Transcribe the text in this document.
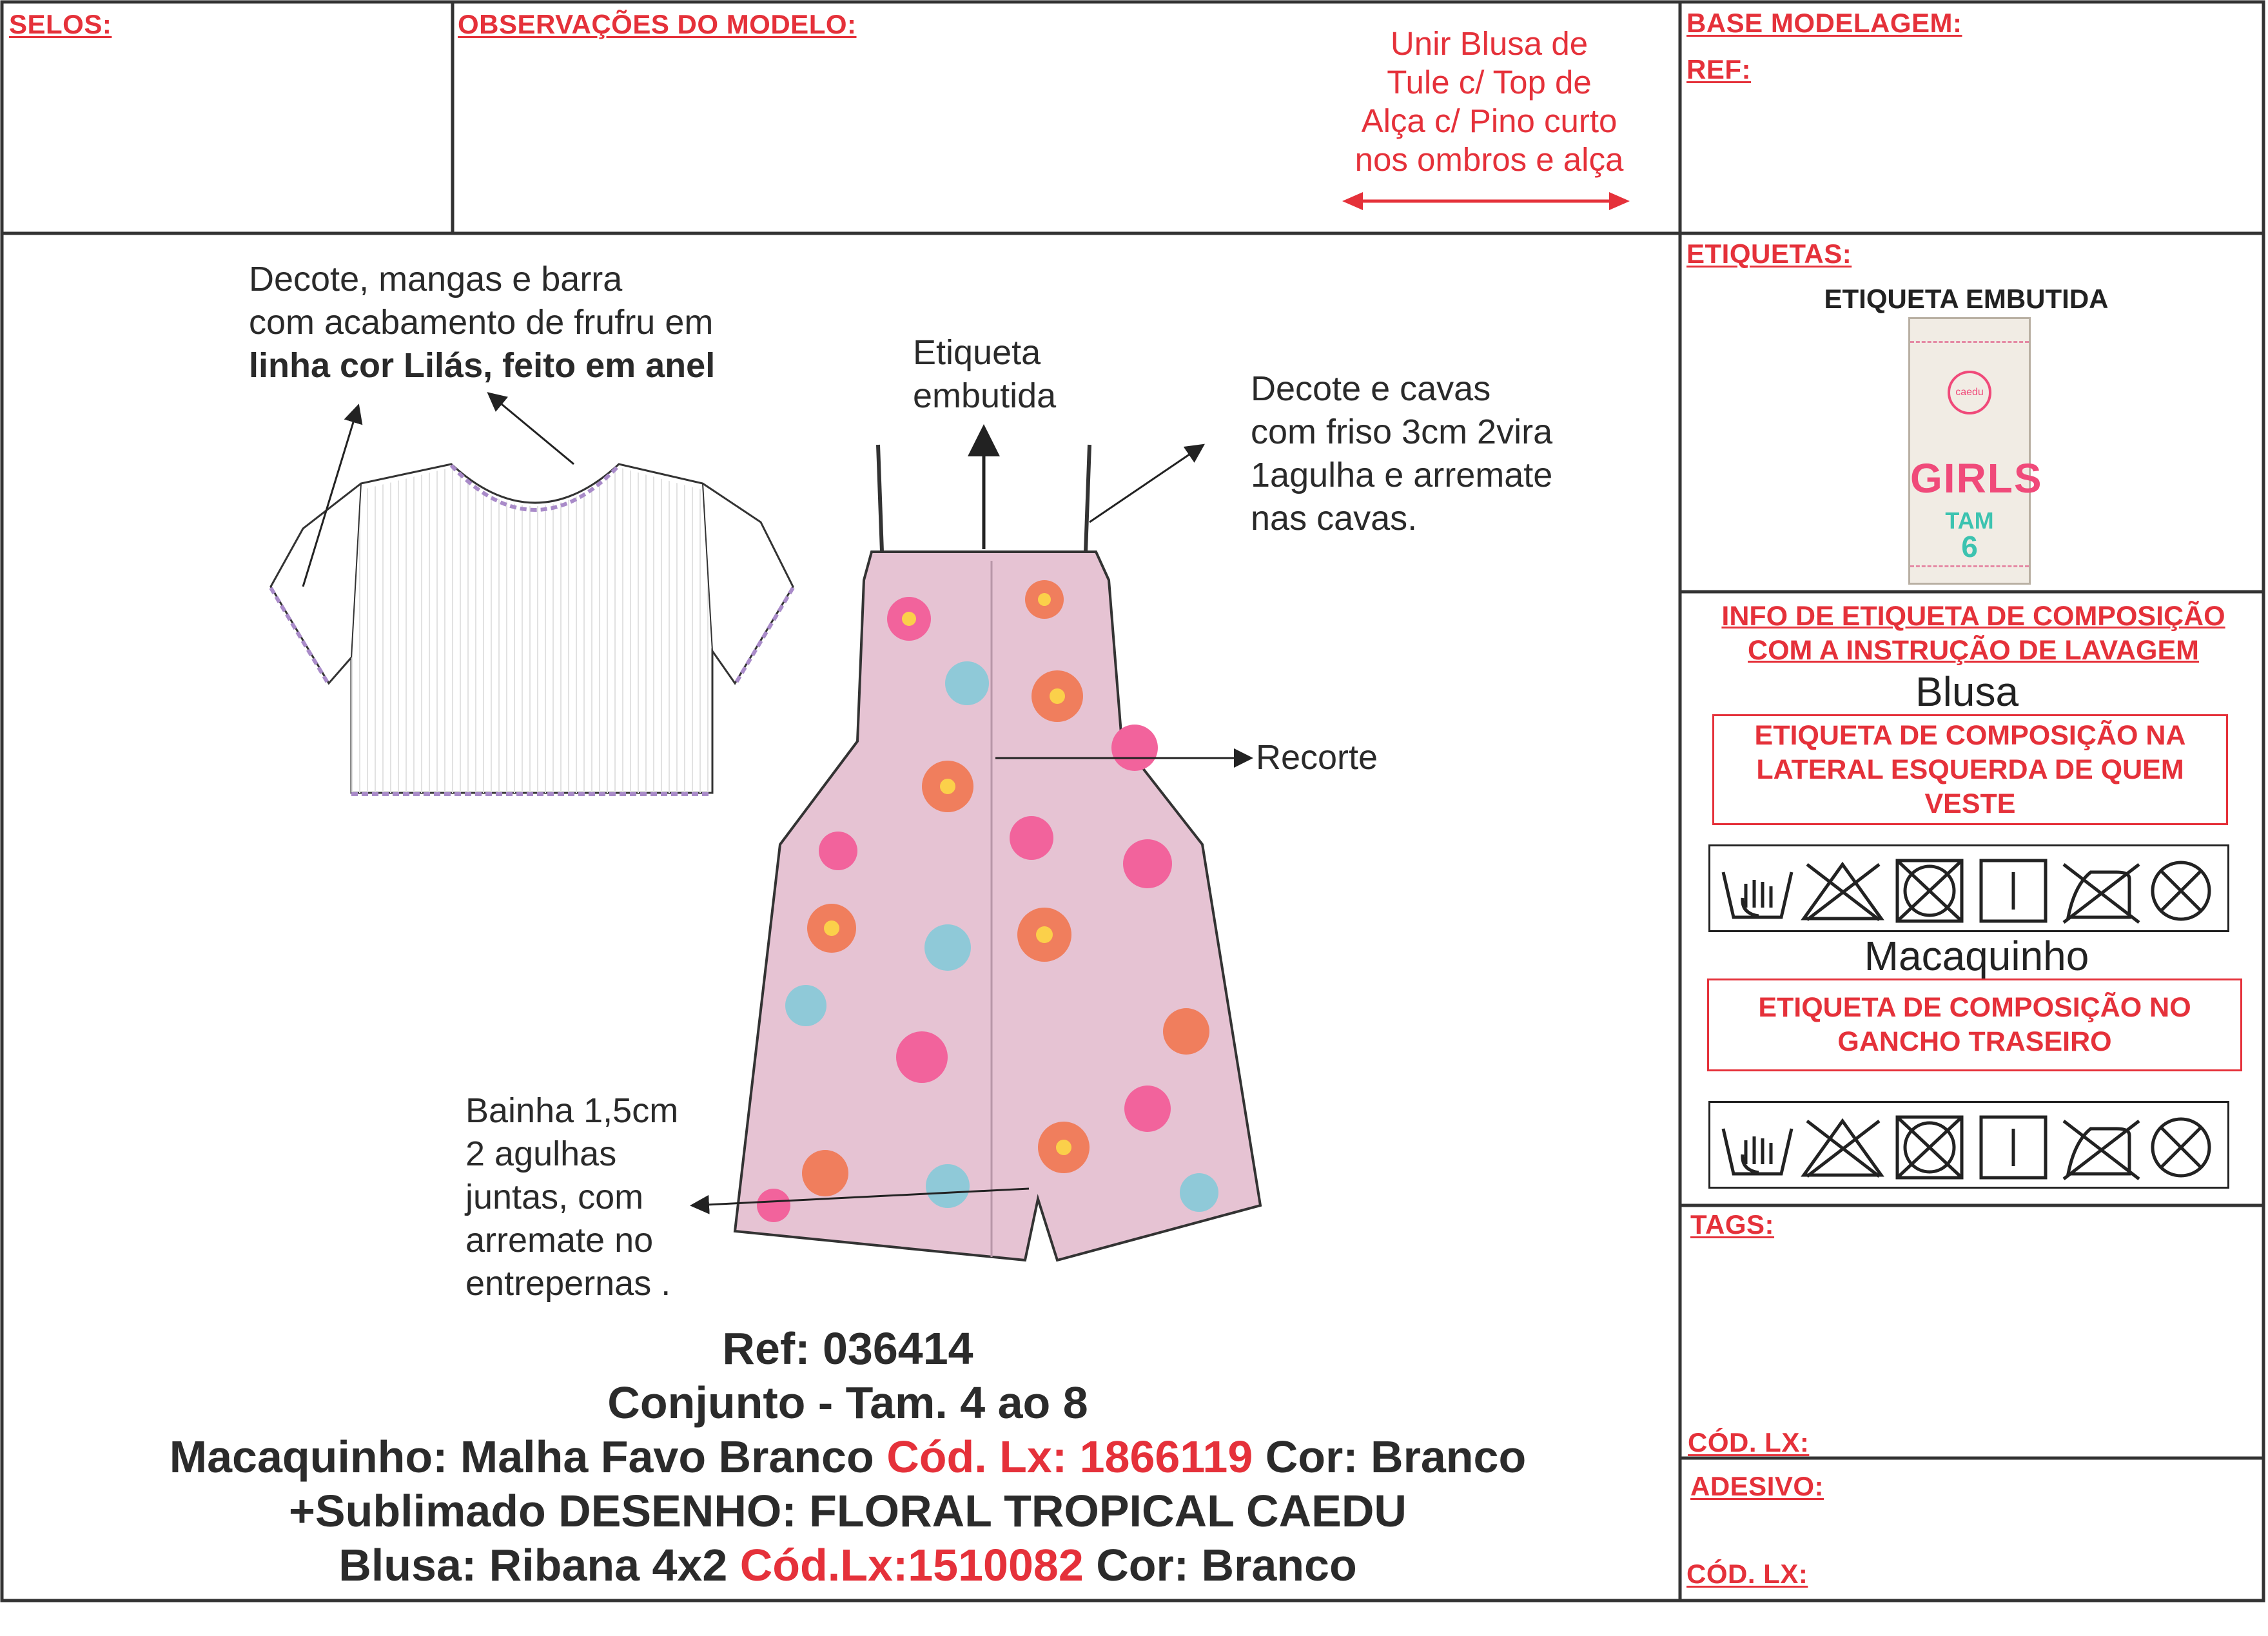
SELOS:	OBSERVAÇÕES DO MODELO:
Unir Blusa de
Tule c/ Top de
Alça c/ Pino curto
nos ombros e alça
BASE MODELAGEM:
REF:
Decote, mangas e barra
com acabamento de frufru em
linha cor Lilás, feito em anel	Etiqueta
embutida	Decote e cavas
com friso 3cm 2vira
1agulha e arremate
nas cavas.
Recorte
Bainha 1,5cm
2 agulhas
juntas, com
arremate no
entrepernas .
Ref: 036414
Conjunto - Tam. 4 ao 8
Macaquinho: Malha Favo Branco Cód. Lx: 1866119 Cor: Branco
+Sublimado DESENHO: FLORAL TROPICAL CAEDU
Blusa: Ribana 4x2 Cód.Lx:1510082 Cor: Branco
ETIQUETAS:
ETIQUETA EMBUTIDA
caedu
GIRLS
TAM
6
INFO DE ETIQUETA DE COMPOSIÇÃO
COM A INSTRUÇÃO DE LAVAGEM
Blusa
ETIQUETA DE COMPOSIÇÃO NA
LATERAL ESQUERDA DE QUEM
VESTE
Macaquinho
ETIQUETA DE COMPOSIÇÃO NO
GANCHO TRASEIRO
TAGS:
CÓD. LX:
ADESIVO:
CÓD. LX:
